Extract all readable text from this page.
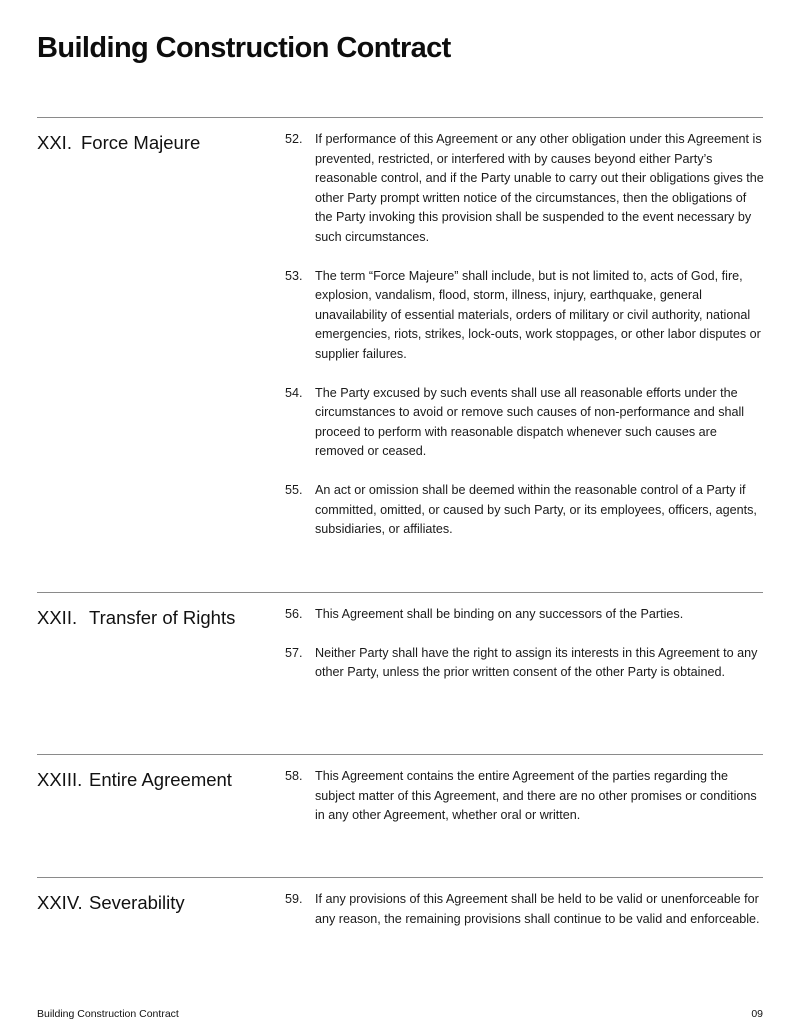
Building Construction Contract
XXI. Force Majeure	52. If performance of this Agreement or any other obligation under this Agreement is prevented, restricted, or interfered with by causes beyond either Party’s reasonable control, and if the Party unable to carry out their obligations gives the other Party prompt written notice of the circumstances, then the obligations of the Party invoking this provision shall be suspended to the event necessary by such circumstances.
53. The term “Force Majeure” shall include, but is not limited to, acts of God, fire, explosion, vandalism, flood, storm, illness, injury, earthquake, general unavailability of essential materials, orders of military or civil authority, national emergencies, riots, strikes, lock-outs, work stoppages, or other labor disputes or supplier failures.
54. The Party excused by such events shall use all reasonable efforts under the circumstances to avoid or remove such causes of non-performance and shall proceed to perform with reasonable dispatch whenever such causes are removed or ceased.
55. An act or omission shall be deemed within the reasonable control of a Party if committed, omitted, or caused by such Party, or its employees, officers, agents, subsidiaries, or affiliates.
XXII. Transfer of Rights	56. This Agreement shall be binding on any successors of the Parties.
57. Neither Party shall have the right to assign its interests in this Agreement to any other Party, unless the prior written consent of the other Party is obtained.
XXIII. Entire Agreement	58. This Agreement contains the entire Agreement of the parties regarding the subject matter of this Agreement, and there are no other promises or conditions in any other Agreement, whether oral or written.
XXIV. Severability	59. If any provisions of this Agreement shall be held to be valid or unenforceable for any reason, the remaining provisions shall continue to be valid and enforceable.
Building Construction Contract	09
